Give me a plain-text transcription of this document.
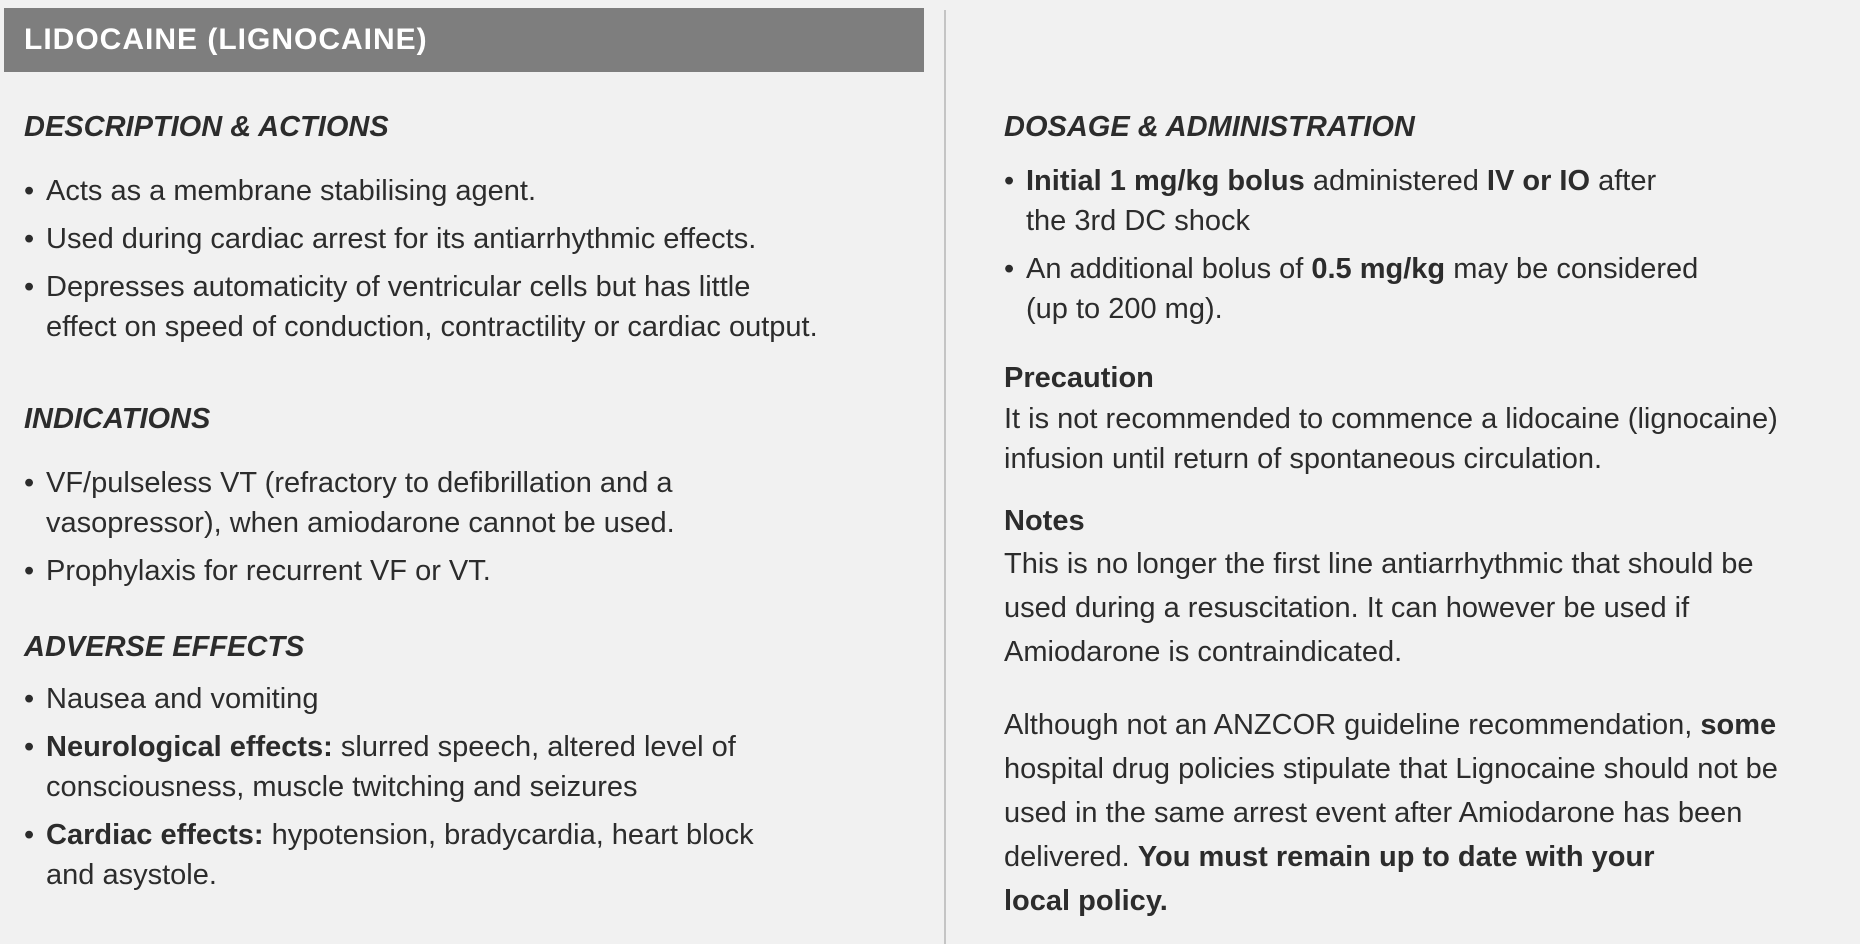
LIDOCAINE (LIGNOCAINE)
DESCRIPTION & ACTIONS
• Acts as a membrane stabilising agent.
• Used during cardiac arrest for its antiarrhythmic effects.
• Depresses automaticity of ventricular cells but has little
effect on speed of conduction, contractility or cardiac output.
INDICATIONS
• VF/pulseless VT (refractory to defibrillation and a
vasopressor), when amiodarone cannot be used.
• Prophylaxis for recurrent VF or VT.
ADVERSE EFFECTS
• Nausea and vomiting
• Neurological effects: slurred speech, altered level of
consciousness, muscle twitching and seizures
• Cardiac effects: hypotension, bradycardia, heart block
and asystole.
DOSAGE & ADMINISTRATION
• Initial 1 mg/kg bolus administered IV or IO after
the 3rd DC shock
• An additional bolus of 0.5 mg/kg may be considered
(up to 200 mg).
Precaution

It is not recommended to commence a lidocaine (lignocaine)
infusion until return of spontaneous circulation.

Notes

This is no longer the first line antiarrhythmic that should be
used during a resuscitation. It can however be used if
Amiodarone is contraindicated.

Although not an ANZCOR guideline recommendation, some
hospital drug policies stipulate that Lignocaine should not be
used in the same arrest event after Amiodarone has been
delivered. You must remain up to date with your
local policy.
